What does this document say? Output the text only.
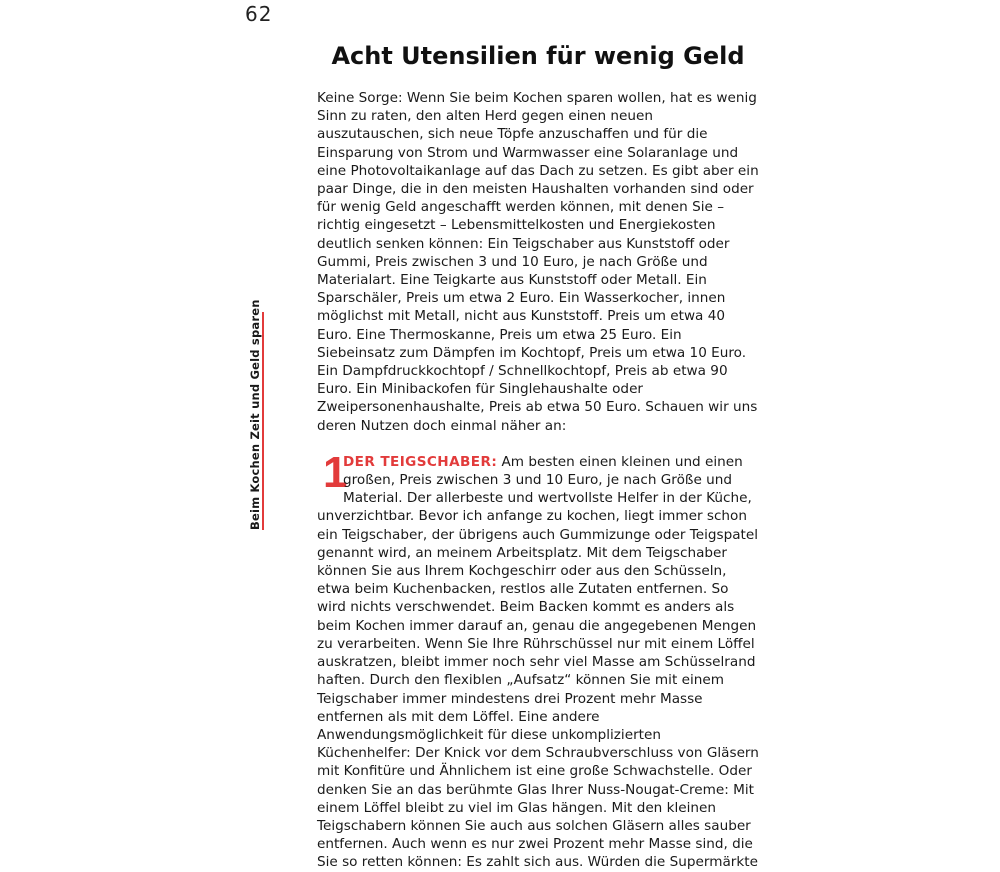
62
Beim Kochen Zeit und Geld sparen
Acht Utensilien für wenig Geld

Keine Sorge: Wenn Sie beim Kochen sparen wollen, hat es wenig Sinn zu raten, den alten Herd gegen einen neuen auszutauschen, sich neue Töpfe anzuschaffen und für die Einsparung von Strom und Warmwasser eine Solaranlage und eine Photovoltaikanlage auf das Dach zu setzen. Es gibt aber ein paar Dinge, die in den meisten Haushalten vorhanden sind oder für wenig Geld angeschafft werden können, mit denen Sie – richtig eingesetzt – Lebensmittelkosten und Energiekosten deutlich senken können: Ein Teigschaber aus Kunststoff oder Gummi, Preis zwischen 3 und 10 Euro, je nach Größe und Materialart. Eine Teigkarte aus Kunststoff oder Metall. Ein Sparschäler, Preis um etwa 2 Euro. Ein Wasserkocher, innen möglichst mit Metall, nicht aus Kunststoff. Preis um etwa 40 Euro. Eine Thermoskanne, Preis um etwa 25 Euro. Ein Siebeinsatz zum Dämpfen im Kochtopf, Preis um etwa 10 Euro. Ein Dampfdruckkochtopf / Schnellkochtopf, Preis ab etwa 90 Euro. Ein Minibackofen für Singlehaushalte oder Zweipersonenhaushalte, Preis ab etwa 50 Euro. Schauen wir uns deren Nutzen doch einmal näher an:

1
DER TEIGSCHABER: Am besten einen kleinen und einen großen, Preis zwischen 3 und 10 Euro, je nach Größe und Material. Der allerbeste und wertvollste Helfer in der Küche, unverzichtbar. Bevor ich anfange zu kochen, liegt immer schon ein Teigschaber, der übrigens auch Gummizunge oder Teigspatel genannt wird, an meinem Arbeitsplatz. Mit dem Teigschaber können Sie aus Ihrem Kochgeschirr oder aus den Schüsseln, etwa beim Kuchenbacken, restlos alle Zutaten entfernen. So wird nichts verschwendet. Beim Backen kommt es anders als beim Kochen immer darauf an, genau die angegebenen Mengen zu verarbeiten. Wenn Sie Ihre Rührschüssel nur mit einem Löffel auskratzen, bleibt immer noch sehr viel Masse am Schüsselrand haften. Durch den flexiblen „Aufsatz“ können Sie mit einem Teigschaber immer mindestens drei Prozent mehr Masse entfernen als mit dem Löffel. Eine andere Anwendungsmöglichkeit für diese unkomplizierten Küchenhelfer: Der Knick vor dem Schraubverschluss von Gläsern mit Konfitüre und Ähnlichem ist eine große Schwachstelle. Oder denken Sie an das berühmte Glas Ihrer Nuss-Nougat-Creme: Mit einem Löffel bleibt zu viel im Glas hängen. Mit den kleinen Teigschabern können Sie auch aus solchen Gläsern alles sauber entfernen. Auch wenn es nur zwei Prozent mehr Masse sind, die Sie so retten können: Es zahlt sich aus. Würden die Supermärkte
